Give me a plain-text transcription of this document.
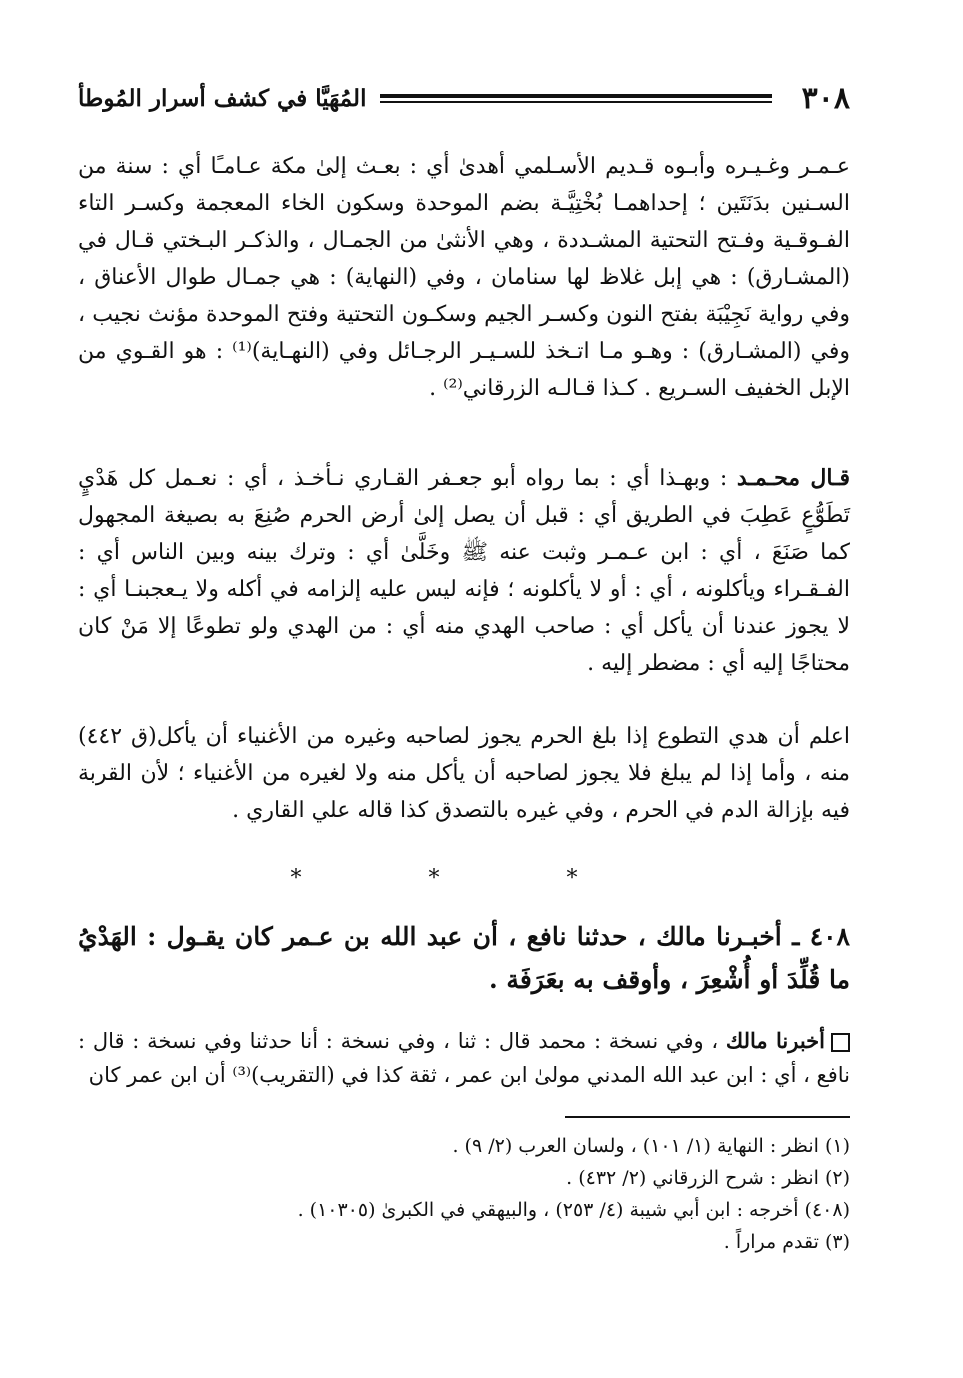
٣٠٨
المُهَيَّا في كشف أسرار المُوطأ

عـمـر وغـيـره وأبـوه قـديم الأسـلمي أهدىٰ أي : بعـث إلىٰ مكة عـامـًا أي : سنة من السـنين بدَنَتَين ؛ إحداهمـا بُخْتِيَّـة بضم الموحدة وسكون الخاء المعجمة وكسـر التاء الفـوقـية وفـتح التحتية المشـددة ، وهي الأنثىٰ من الجمـال ، والذكـر البـختي قـال في (المشـارق) : هي إبل غلاظ لها سنامان ، وفي (النهاية) : هي جمـال طوال الأعناق ، وفي رواية نَجِيْبَة بفتح النون وكسـر الجيم وسكـون التحتية وفتح الموحدة مؤنث نجيب ، وفي (المشـارق) : وهـو مـا اتـخذ للسـيـر الرجـائل وفي (النهـاية)⁽¹⁾ : هو القـوي من الإبل الخفيف السـريع . كـذا قـالـه الزرقاني⁽²⁾ .

قـال محـمـد : وبهـذا أي : بما رواه أبو جعـفر القـاري نـأخـذ ، أي : نعـمل كل هَدْيٍ تَطَوُّعٍ عَطِبَ في الطريق أي : قبل أن يصل إلىٰ أرض الحرم صُنِعَ به بصيغة المجهول كما صَنَعَ ، أي : ابن عـمـر وثبت عنه ﷺ وخَلَّىٰ أي : وترك بينه وبين الناس أي : الفـقـراء ويأكلونه ، أي : أو لا يأكلونه ؛ فإنه ليس عليه إلزامه في أكله ولا يـعجبنـا أي : لا يجوز عندنا أن يأكل أي : صاحب الهدي منه أي : من الهدي ولو تطوعًا إلا مَنْ كان محتاجًا إليه أي : مضطر إليه .

اعلم أن هدي التطوع إذا بلغ الحرم يجوز لصاحبه وغيره من الأغنياء أن يأكل(ق ٤٤٢) منه ، وأما إذا لم يبلغ فلا يجوز لصاحبه أن يأكل منه ولا لغيره من الأغنياء ؛ لأن القربة فيه بإزالة الدم في الحرم ، وفي غيره بالتصدق كذا قاله علي القاري .

* * *
٤٠٨ ـ أخبـرنا مالك ، حدثنا نافع ، أن عبد الله بن عـمر كان يقـول : الهَدْيُ ما قُلِّدَ أو أُشْعِرَ ، وأوقف به بعَرَفَة .
أخبرنا مالك ، وفي نسخة : محمد قال : ثنا ، وفي نسخة : أنا حدثنا وفي نسخة : قال : نافع ، أي : ابن عبد الله المدني مولىٰ ابن عمر ، ثقة كذا في (التقريب)⁽³⁾ أن ابن عمر كان
(١) انظر : النهاية (١/ ١٠١) ، ولسان العرب (٢/ ٩) .
(٢) انظر : شرح الزرقاني (٢/ ٤٣٢) .
(٤٠٨) أخرجه : ابن أبي شيبة (٤/ ٢٥٣) ، والبيهقي في الكبرىٰ (١٠٣٠٥) .
(٣) تقدم مراراً .
